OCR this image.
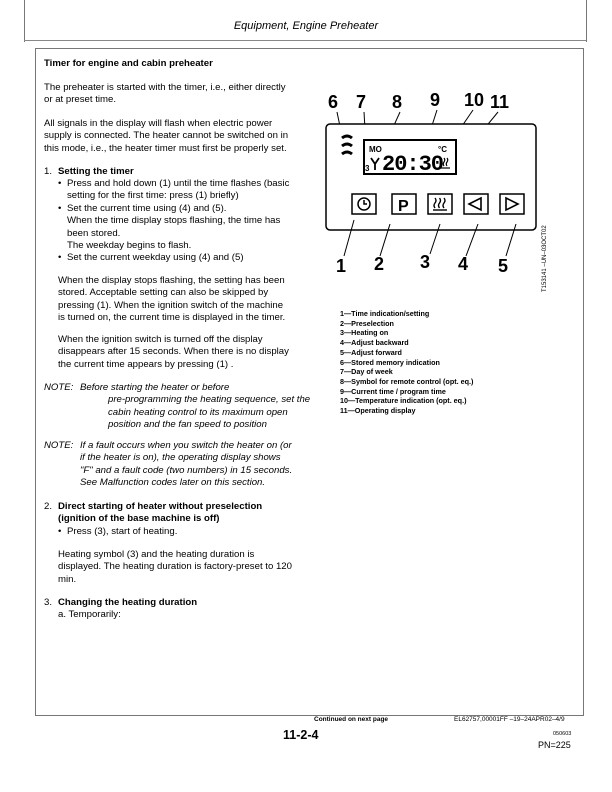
Equipment, Engine Preheater
Timer for engine and cabin preheater

The preheater is started with the timer, i.e., either directly

or at preset time.

All signals in the display will flash when electric power

supply is connected. The heater cannot be switched on in

this mode, i.e., the heater timer must first be properly set.

1. Setting the timer
• Press and hold down (1) until the time flashes (basic

setting for the first time: press (1) briefly)

• Set the current time using (4) and (5).

When the time display stops flashing, the time has

been stored.

The weekday begins to flash.

• Set the current weekday using (4) and (5)

When the display stops flashing, the setting has been

stored. Acceptable setting can also be skipped by

pressing (1). When the ignition switch of the machine

is turned on, the current time is displayed in the timer.

When the ignition switch is turned off the display

disappears after 15 seconds. When there is no display

the current time appears by pressing (1) .

NOTE: Before starting the heater or before

pre-programming the heating sequence, set the

cabin heating control to its maximum open

position and the fan speed to position

NOTE: If a fault occurs when you switch the heater on (or

if the heater is on), the operating display shows

"F" and a fault code (two numbers) in 15 seconds.

See Malfunction codes later on this section.

2. Direct starting of heater without preselection
(ignition of the base machine is off)
• Press (3), start of heating.

Heating symbol (3) and the heating duration is

displayed. The heating duration is factory-preset to 120

min.

3. Changing the heating duration
a. Temporarily:
6 7 8 9 10 11
MO
3 20:30
°C
P
1 2 3 4 5	T153141 –UN–03OCT02
1—Time indication/setting
2—Preselection
3—Heating on
4—Adjust backward
5—Adjust forward
6—Stored memory indication
7—Day of week
8—Symbol for remote control (opt. eq.)
9—Current time / program time
10—Temperature indication (opt. eq.)
11—Operating display
Continued on next page	EL62757,00001FF –19–24APR02–4/9
050603
11-2-4
PN=225
